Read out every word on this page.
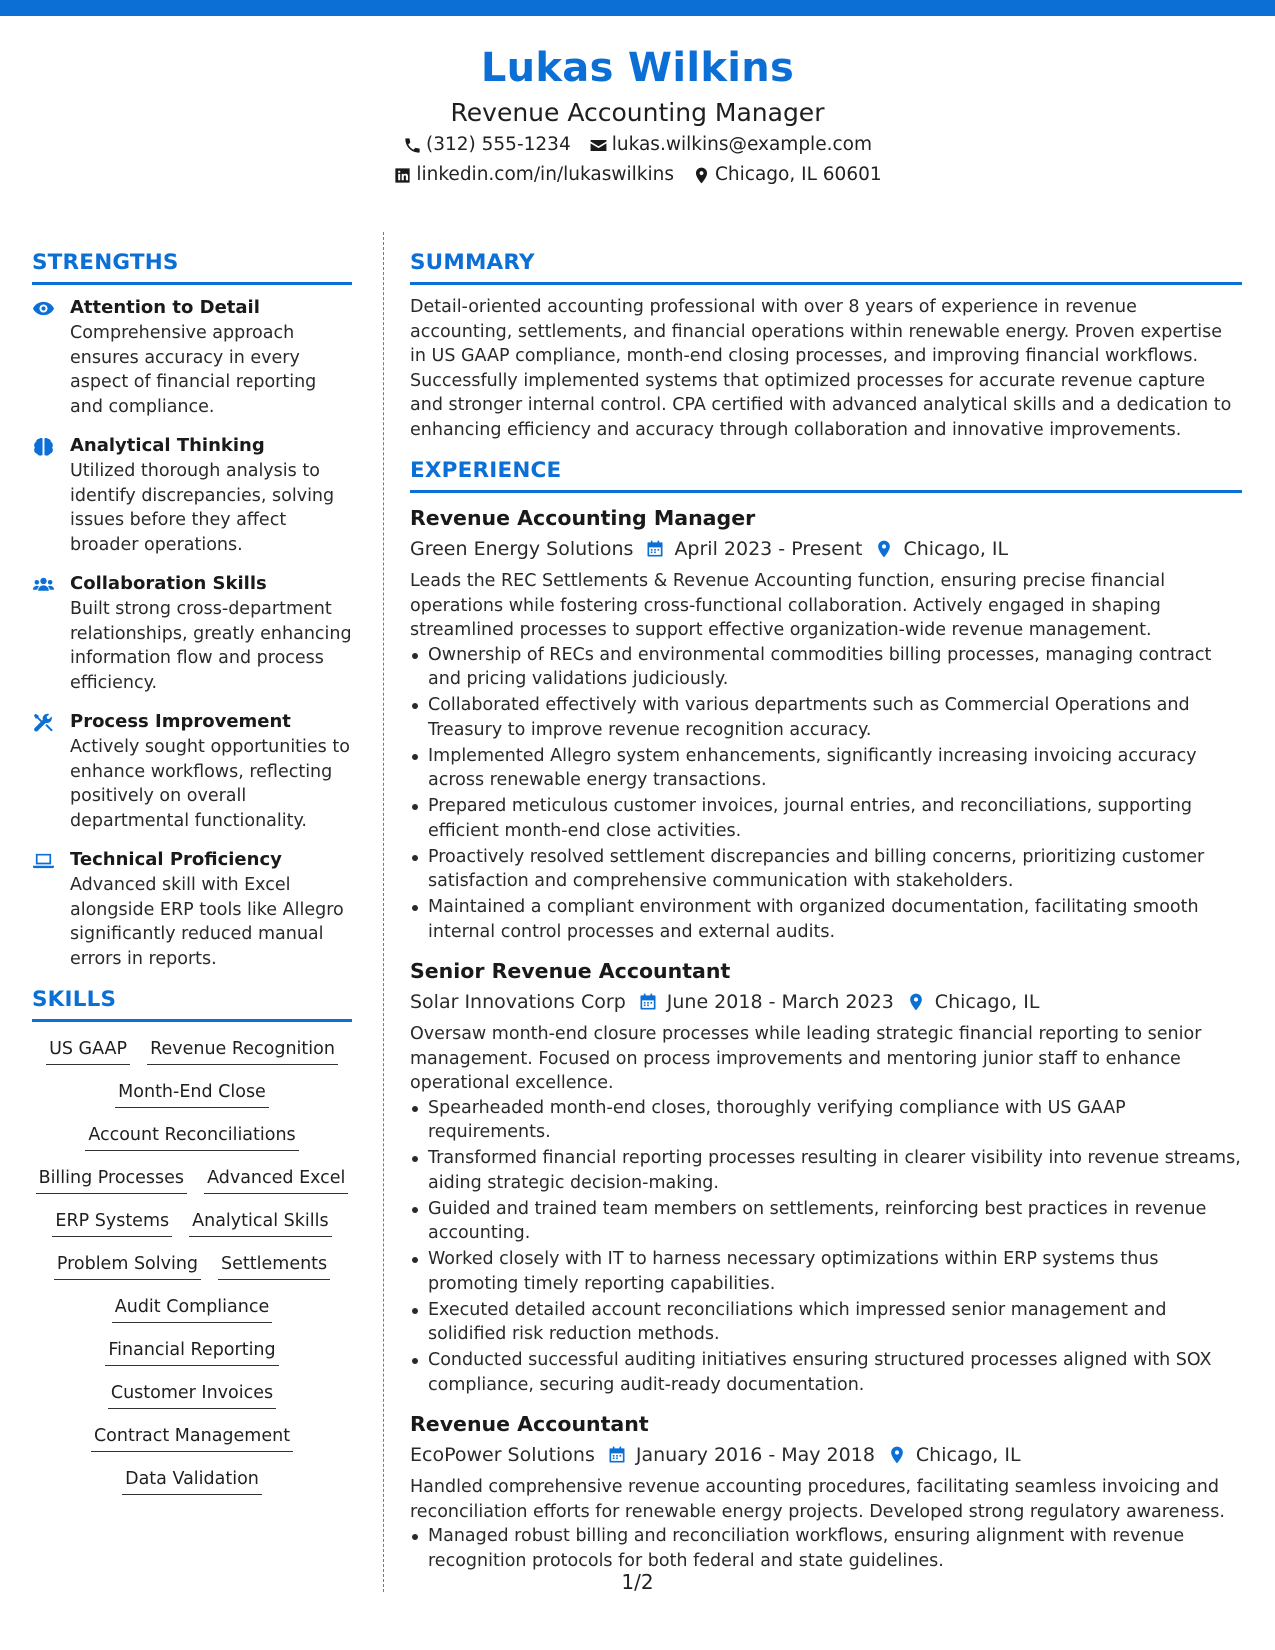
Lukas Wilkins
Revenue Accounting Manager
(312) 555-1234 lukas.wilkins@example.com
linkedin.com/in/lukaswilkins Chicago, IL 60601
STRENGTHS
Attention to Detail
Comprehensive approach ensures accuracy in every aspect of financial reporting and compliance.
Analytical Thinking
Utilized thorough analysis to identify discrepancies, solving issues before they affect broader operations.
Collaboration Skills
Built strong cross-department relationships, greatly enhancing information flow and process efficiency.
Process Improvement
Actively sought opportunities to enhance workflows, reflecting positively on overall departmental functionality.
Technical Proficiency
Advanced skill with Excel alongside ERP tools like Allegro significantly reduced manual errors in reports.
SKILLS
US GAAP Revenue Recognition
Month-End Close
Account Reconciliations
Billing Processes Advanced Excel
ERP Systems Analytical Skills
Problem Solving Settlements
Audit Compliance
Financial Reporting
Customer Invoices
Contract Management
Data Validation
SUMMARY
Detail-oriented accounting professional with over 8 years of experience in revenue accounting, settlements, and financial operations within renewable energy. Proven expertise in US GAAP compliance, month-end closing processes, and improving financial workflows. Successfully implemented systems that optimized processes for accurate revenue capture and stronger internal control. CPA certified with advanced analytical skills and a dedication to enhancing efficiency and accuracy through collaboration and innovative improvements.
EXPERIENCE
Revenue Accounting Manager
Green Energy Solutions April 2023 - Present Chicago, IL
Leads the REC Settlements & Revenue Accounting function, ensuring precise financial operations while fostering cross-functional collaboration. Actively engaged in shaping streamlined processes to support effective organization-wide revenue management.
Ownership of RECs and environmental commodities billing processes, managing contract and pricing validations judiciously.
Collaborated effectively with various departments such as Commercial Operations and Treasury to improve revenue recognition accuracy.
Implemented Allegro system enhancements, significantly increasing invoicing accuracy across renewable energy transactions.
Prepared meticulous customer invoices, journal entries, and reconciliations, supporting efficient month-end close activities.
Proactively resolved settlement discrepancies and billing concerns, prioritizing customer satisfaction and comprehensive communication with stakeholders.
Maintained a compliant environment with organized documentation, facilitating smooth internal control processes and external audits.
Senior Revenue Accountant
Solar Innovations Corp June 2018 - March 2023 Chicago, IL
Oversaw month-end closure processes while leading strategic financial reporting to senior management. Focused on process improvements and mentoring junior staff to enhance operational excellence.
Spearheaded month-end closes, thoroughly verifying compliance with US GAAP requirements.
Transformed financial reporting processes resulting in clearer visibility into revenue streams, aiding strategic decision-making.
Guided and trained team members on settlements, reinforcing best practices in revenue accounting.
Worked closely with IT to harness necessary optimizations within ERP systems thus promoting timely reporting capabilities.
Executed detailed account reconciliations which impressed senior management and solidified risk reduction methods.
Conducted successful auditing initiatives ensuring structured processes aligned with SOX compliance, securing audit-ready documentation.
Revenue Accountant
EcoPower Solutions January 2016 - May 2018 Chicago, IL
Handled comprehensive revenue accounting procedures, facilitating seamless invoicing and reconciliation efforts for renewable energy projects. Developed strong regulatory awareness.
Managed robust billing and reconciliation workflows, ensuring alignment with revenue recognition protocols for both federal and state guidelines.
1/2
